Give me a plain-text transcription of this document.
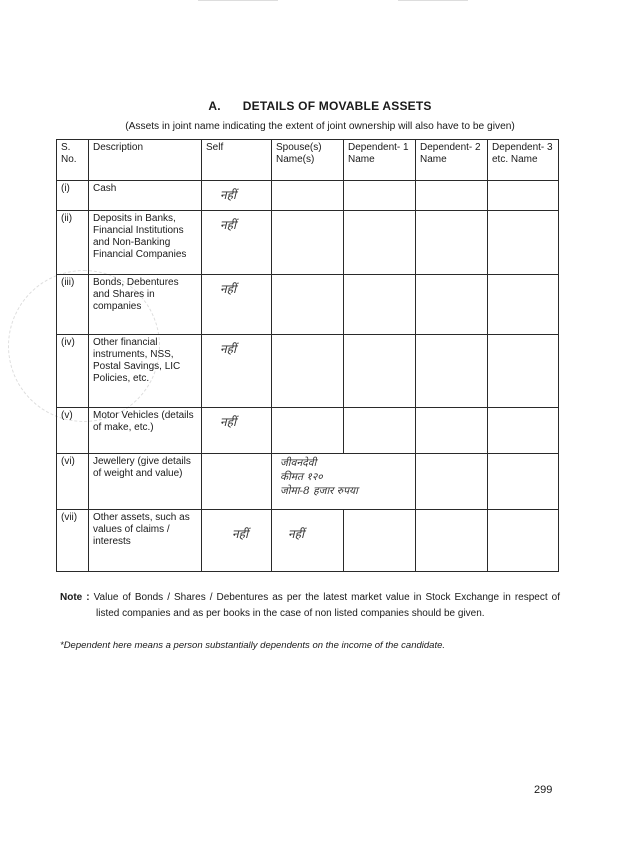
A. DETAILS OF MOVABLE ASSETS
(Assets in joint name indicating the extent of joint ownership will also have to be given)
S. No.	Description	Self	Spouse(s) Name(s)	Dependent- 1 Name	Dependent- 2 Name	Dependent- 3 etc. Name
(i)	Cash	नहीं				

(ii)	Deposits in Banks, Financial Institutions and Non-Banking Financial Companies	नहीं				

(iii)	Bonds, Debentures and Shares in companies	नहीं				

(iv)	Other financial instruments, NSS, Postal Savings, LIC Policies, etc.	नहीं				

(v)	Motor Vehicles (details of make, etc.)	नहीं				

(vi)	Jewellery (give details of weight and value)		जीवनदेवी
कीमत १२०
जोमा-8 हजार रुपया			

(vii)	Other assets, such as values of claims / interests	नहीं	नहीं			

Note : Value of Bonds / Shares / Debentures as per the latest market value in Stock Exchange in respect of listed companies and as per books in the case of non listed companies should be given.
*Dependent here means a person substantially dependents on the income of the candidate.
299
